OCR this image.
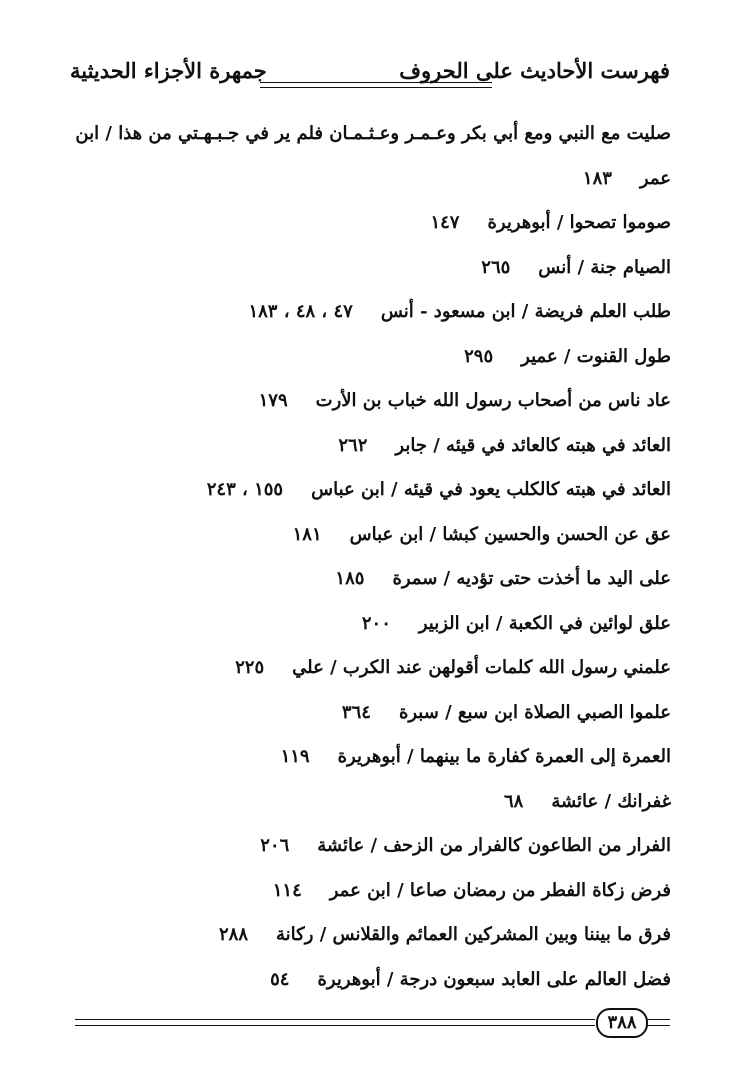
فهرست الأحاديث على الحروف
جمهرة الأجزاء الحديثية
صليت مع النبي ومع أبي بكر وعـمـر وعـثـمـان فلم ير في جـبـهـتي من هذا / ابن
عمر١٨٣
صوموا تصحوا / أبوهريرة١٤٧
الصيام جنة / أنس٢٦٥
طلب العلم فريضة / ابن مسعود - أنس٤٧ ، ٤٨ ، ١٨٣
طول القنوت / عمير٢٩٥
عاد ناس من أصحاب رسول الله خباب بن الأرت١٧٩
العائد في هبته كالعائد في قيئه / جابر٢٦٢
العائد في هبته كالكلب يعود في قيئه / ابن عباس١٥٥ ، ٢٤٣
عق عن الحسن والحسين كبشا / ابن عباس١٨١
على اليد ما أخذت حتى تؤديه / سمرة١٨٥
علق لوائين في الكعبة / ابن الزبير٢٠٠
علمني رسول الله كلمات أقولهن عند الكرب / علي٢٢٥
علموا الصبي الصلاة ابن سبع / سبرة٣٦٤
العمرة إلى العمرة كفارة ما بينهما / أبوهريرة١١٩
غفرانك / عائشة٦٨
الفرار من الطاعون كالفرار من الزحف / عائشة٢٠٦
فرض زكاة الفطر من رمضان صاعا / ابن عمر١١٤
فرق ما بيننا وبين المشركين العمائم والقلانس / ركانة٢٨٨
فضل العالم على العابد سبعون درجة / أبوهريرة٥٤
٣٨٨
